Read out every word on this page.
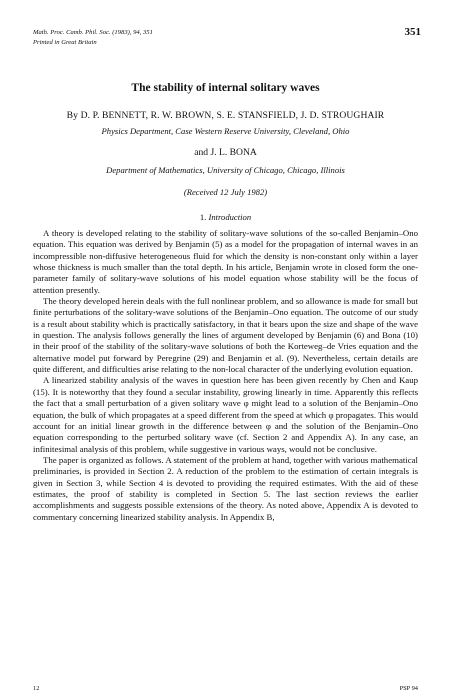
Math. Proc. Camb. Phil. Soc. (1983), 94, 351
Printed in Great Britain
351
The stability of internal solitary waves
By D. P. BENNETT, R. W. BROWN, S. E. STANSFIELD, J. D. STROUGHAIR
Physics Department, Case Western Reserve University, Cleveland, Ohio
and J. L. BONA
Department of Mathematics, University of Chicago, Chicago, Illinois
(Received 12 July 1982)
1. Introduction

A theory is developed relating to the stability of solitary-wave solutions of the so-called Benjamin–Ono equation. This equation was derived by Benjamin (5) as a model for the propagation of internal waves in an incompressible non-diffusive heterogeneous fluid for which the density is non-constant only within a layer whose thickness is much smaller than the total depth. In his article, Benjamin wrote in closed form the one-parameter family of solitary-wave solutions of his model equation whose stability will be the focus of attention presently.

The theory developed herein deals with the full nonlinear problem, and so allowance is made for small but finite perturbations of the solitary-wave solutions of the Benjamin–Ono equation. The outcome of our study is a result about stability which is practically satisfactory, in that it bears upon the size and shape of the wave in question. The analysis follows generally the lines of argument developed by Benjamin (6) and Bona (10) in their proof of the stability of the solitary-wave solutions of both the Korteweg–de Vries equation and the alternative model put forward by Peregrine (29) and Benjamin et al. (9). Nevertheless, certain details are quite different, and difficulties arise relating to the non-local character of the underlying evolution equation.

A linearized stability analysis of the waves in question here has been given recently by Chen and Kaup (15). It is noteworthy that they found a secular instability, growing linearly in time. Apparently this reflects the fact that a small perturbation of a given solitary wave φ might lead to a solution of the Benjamin–Ono equation, the bulk of which propagates at a speed different from the speed at which φ propagates. This would account for an initial linear growth in the difference between φ and the solution of the Benjamin–Ono equation corresponding to the perturbed solitary wave (cf. Section 2 and Appendix A). In any case, an infinitesimal analysis of this problem, while suggestive in various ways, would not be conclusive.

The paper is organized as follows. A statement of the problem at hand, together with various mathematical preliminaries, is provided in Section 2. A reduction of the problem to the estimation of certain integrals is given in Section 3, while Section 4 is devoted to providing the required estimates. With the aid of these estimates, the proof of stability is completed in Section 5. The last section reviews the earlier accomplishments and suggests possible extensions of the theory. As noted above, Appendix A is devoted to commentary concerning linearized stability analysis. In Appendix B,

12	PSP 94
